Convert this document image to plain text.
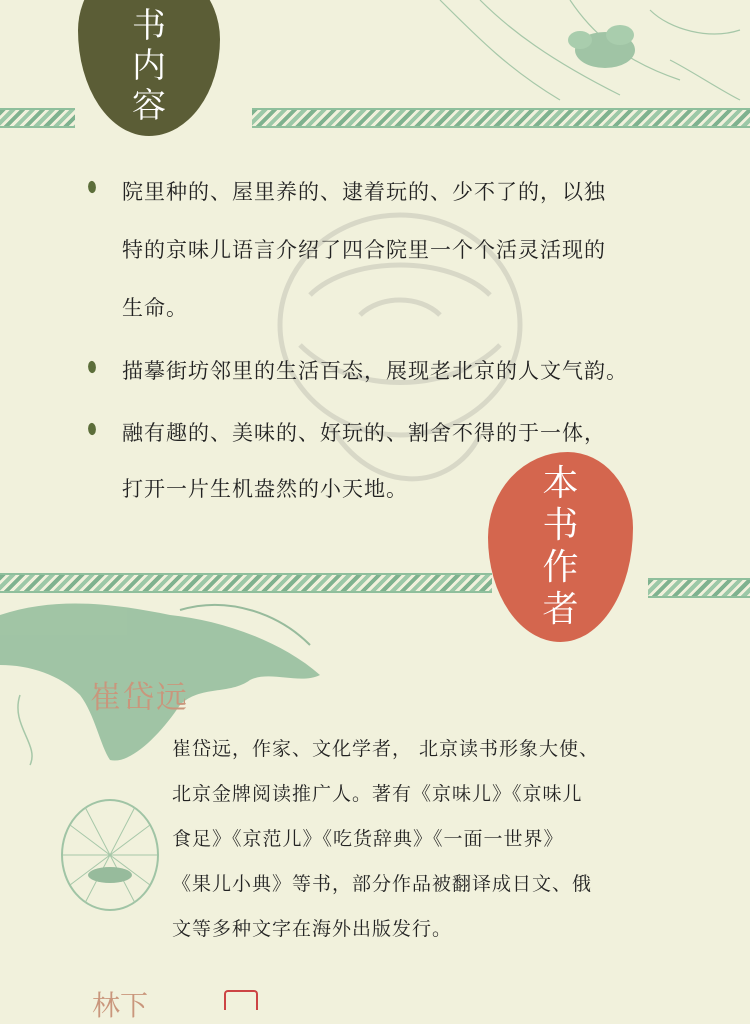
书
内
容

院里种的、屋里养的、逮着玩的、少不了的，以独

特的京味儿语言介绍了四合院里一个个活灵活现的

生命。

描摹街坊邻里的生活百态，展现老北京的人文气韵。

融有趣的、美味的、好玩的、割舍不得的于一体，

打开一片生机盎然的小天地。	本
书
作
者
崔岱远

崔岱远，作家、文化学者， 北京读书形象大使、

北京金牌阅读推广人。著有《京味儿》《京味儿

食足》《京范儿》《吃货辞典》《一面一世界》

《果儿小典》等书，部分作品被翻译成日文、俄

文等多种文字在海外出版发行。

林下
